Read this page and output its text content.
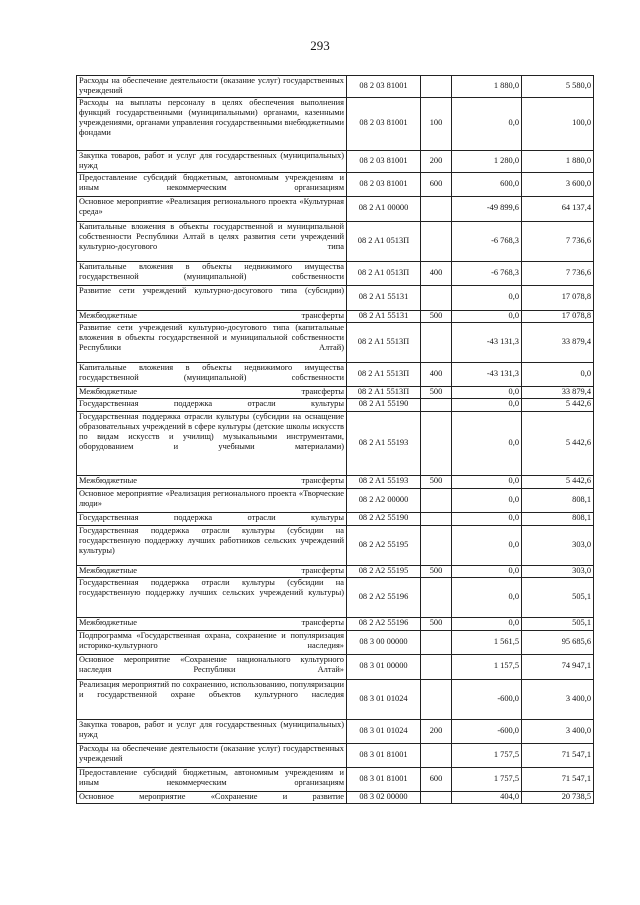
293
Расходы на обеспечение деятельности (оказание услуг) государственных учреждений	08 2 03 81001		1 880,0	5 580,0
Расходы на выплаты персоналу в целях обеспечения выполнения функций государственными (муниципальными) органами, казенными учреждениями, органами управления государственными внебюджетными фондами	08 2 03 81001	100	0,0	100,0
Закупка товаров, работ и услуг для государственных (муниципальных) нужд	08 2 03 81001	200	1 280,0	1 880,0
Предоставление субсидий бюджетным, автономным учреждениям и иным некоммерческим организациям	08 2 03 81001	600	600,0	3 600,0
Основное мероприятие «Реализация регионального проекта «Культурная среда»	08 2 A1 00000		-49 899,6	64 137,4
Капитальные вложения в объекты государственной и муниципальной собственности Республики Алтай в целях развития сети учреждений культурно-досугового типа	08 2 A1 0513П		-6 768,3	7 736,6
Капитальные вложения в объекты недвижимого имущества государственной (муниципальной) собственности	08 2 A1 0513П	400	-6 768,3	7 736,6
Развитие сети учреждений культурно-досугового типа (субсидии)	08 2 A1 55131		0,0	17 078,8
Межбюджетные трансферты	08 2 A1 55131	500	0,0	17 078,8
Развитие сети учреждений культурно-досугового типа (капитальные вложения в объекты государственной и муниципальной собственности Республики Алтай)	08 2 A1 5513П		-43 131,3	33 879,4
Капитальные вложения в объекты недвижимого имущества государственной (муниципальной) собственности	08 2 A1 5513П	400	-43 131,3	0,0
Межбюджетные трансферты	08 2 A1 5513П	500	0,0	33 879,4
Государственная поддержка отрасли культуры	08 2 A1 55190		0,0	5 442,6
Государственная поддержка отрасли культуры (субсидии на оснащение образовательных учреждений в сфере культуры (детские школы искусств по видам искусств и училищ) музыкальными инструментами, оборудованием и учебными материалами)	08 2 A1 55193		0,0	5 442,6
Межбюджетные трансферты	08 2 A1 55193	500	0,0	5 442,6
Основное мероприятие «Реализация регионального проекта «Творческие люди»	08 2 A2 00000		0,0	808,1
Государственная поддержка отрасли культуры	08 2 A2 55190		0,0	808,1
Государственная поддержка отрасли культуры (субсидии на государственную поддержку лучших работников сельских учреждений культуры)	08 2 A2 55195		0,0	303,0
Межбюджетные трансферты	08 2 A2 55195	500	0,0	303,0
Государственная поддержка отрасли культуры (субсидии на государственную поддержку лучших сельских учреждений культуры)	08 2 A2 55196		0,0	505,1
Межбюджетные трансферты	08 2 A2 55196	500	0,0	505,1
Подпрограмма «Государственная охрана, сохранение и популяризация историко-культурного наследия»	08 3 00 00000		1 561,5	95 685,6
Основное мероприятие «Сохранение национального культурного наследия Республики Алтай»	08 3 01 00000		1 157,5	74 947,1
Реализация мероприятий по сохранению, использованию, популяризации и государственной охране объектов культурного наследия	08 3 01 01024		-600,0	3 400,0
Закупка товаров, работ и услуг для государственных (муниципальных) нужд	08 3 01 01024	200	-600,0	3 400,0
Расходы на обеспечение деятельности (оказание услуг) государственных учреждений	08 3 01 81001		1 757,5	71 547,1
Предоставление субсидий бюджетным, автономным учреждениям и иным некоммерческим организациям	08 3 01 81001	600	1 757,5	71 547,1
Основное мероприятие «Сохранение и развитие	08 3 02 00000		404,0	20 738,5
